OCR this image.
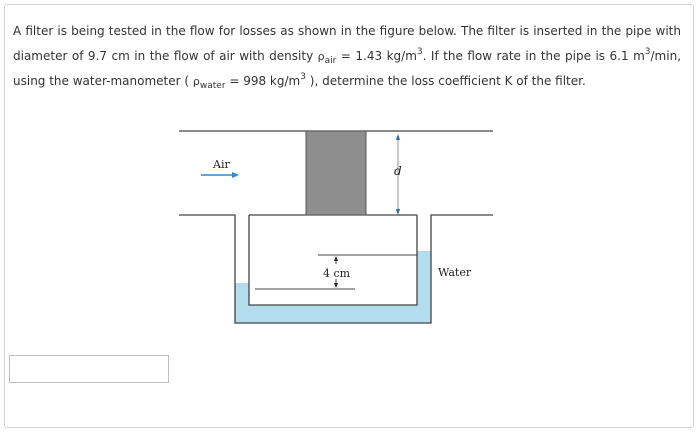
A filter is being tested in the flow for losses as shown in the figure below. The filter is inserted in the pipe with diameter of 9.7 cm in the flow of air with density $\rho_{air} = 1.43$ $kg/m^3$. If the flow rate in the pipe is 6.1 $m^3/\min$, using the water-manometer ( $\rho_{water} = 998$ $kg/m^3$ ), determine the loss coefficient K of the filter.
Air	d
4 cm	Water
